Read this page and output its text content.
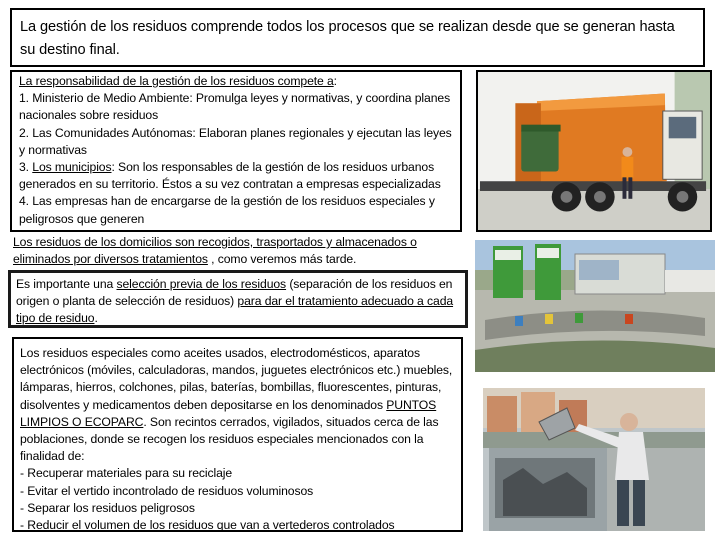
La gestión de los residuos comprende todos los procesos que se realizan desde que se generan hasta
su destino final.

La responsabilidad de la gestión de los residuos compete a:

1. Ministerio de Medio Ambiente: Promulga leyes y normativas, y coordina planes nacionales sobre residuos

2. Las Comunidades Autónomas: Elaboran planes regionales y ejecutan las leyes y normativas

3. Los municipios: Son los responsables de la gestión de los residuos urbanos generados en su territorio. Éstos a su vez contratan a empresas especializadas

4. Las empresas han de encargarse de la gestión de los residuos especiales y peligrosos que generen

Los residuos de los domicilios son recogidos, trasportados y almacenados o eliminados por diversos tratamientos , como veremos más tarde.

Es importante una selección previa de los residuos (separación de los residuos en origen o planta de selección de residuos) para dar el tratamiento adecuado a cada tipo de residuo.

Los residuos especiales como aceites usados, electrodomésticos, aparatos electrónicos (móviles, calculadoras, mandos, juguetes electrónicos etc.) muebles, lámparas, hierros, colchones, pilas, baterías, bombillas, fluorescentes, pinturas, disolventes y medicamentos deben depositarse en los denominados PUNTOS LIMPIOS O ECOPARC. Son recintos cerrados, vigilados, situados cerca de las poblaciones, donde se recogen los residuos especiales mencionados con la finalidad de:

- Recuperar materiales para su reciclaje

- Evitar el vertido incontrolado de residuos voluminosos

- Separar los residuos peligrosos

- Reducir el volumen de los residuos que van a vertederos controlados
